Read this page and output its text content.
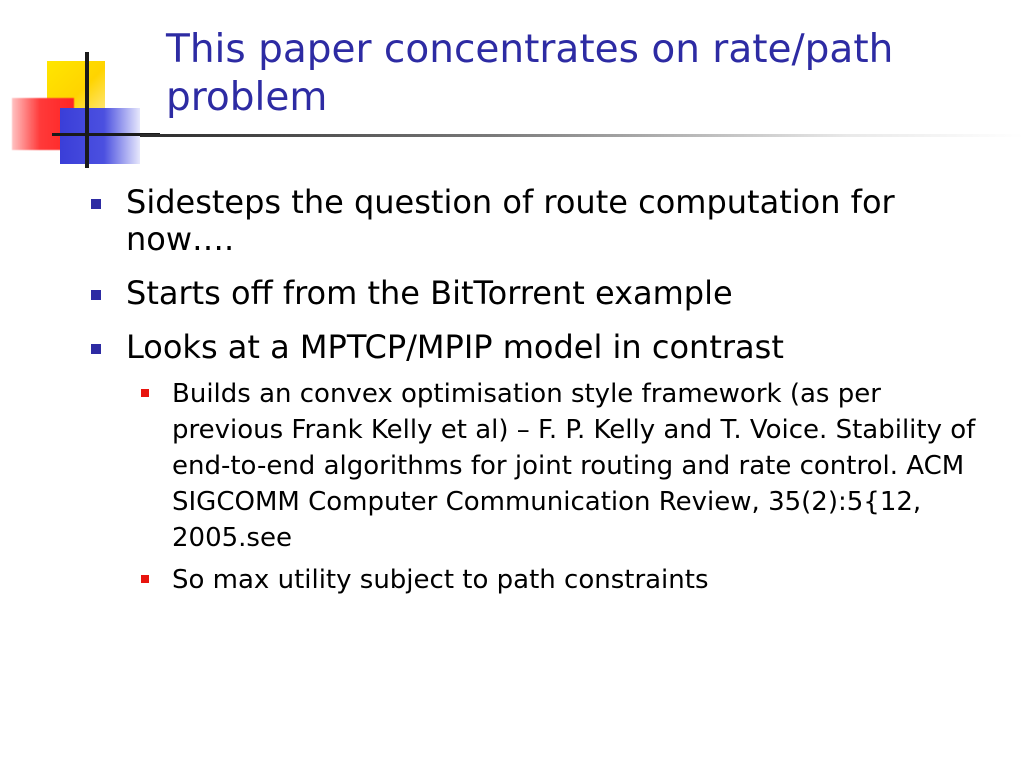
This paper concentrates on rate/path problem
Sidesteps the question of route computation for now….
Starts off from the BitTorrent example
Looks at a MPTCP/MPIP model in contrast
Builds an convex optimisation style framework (as per previous Frank Kelly et al) – F. P. Kelly and T. Voice. Stability of end-to-end algorithms for joint routing and rate control. ACM SIGCOMM Computer Communication Review, 35(2):5{12, 2005.see
So max utility subject to path constraints
